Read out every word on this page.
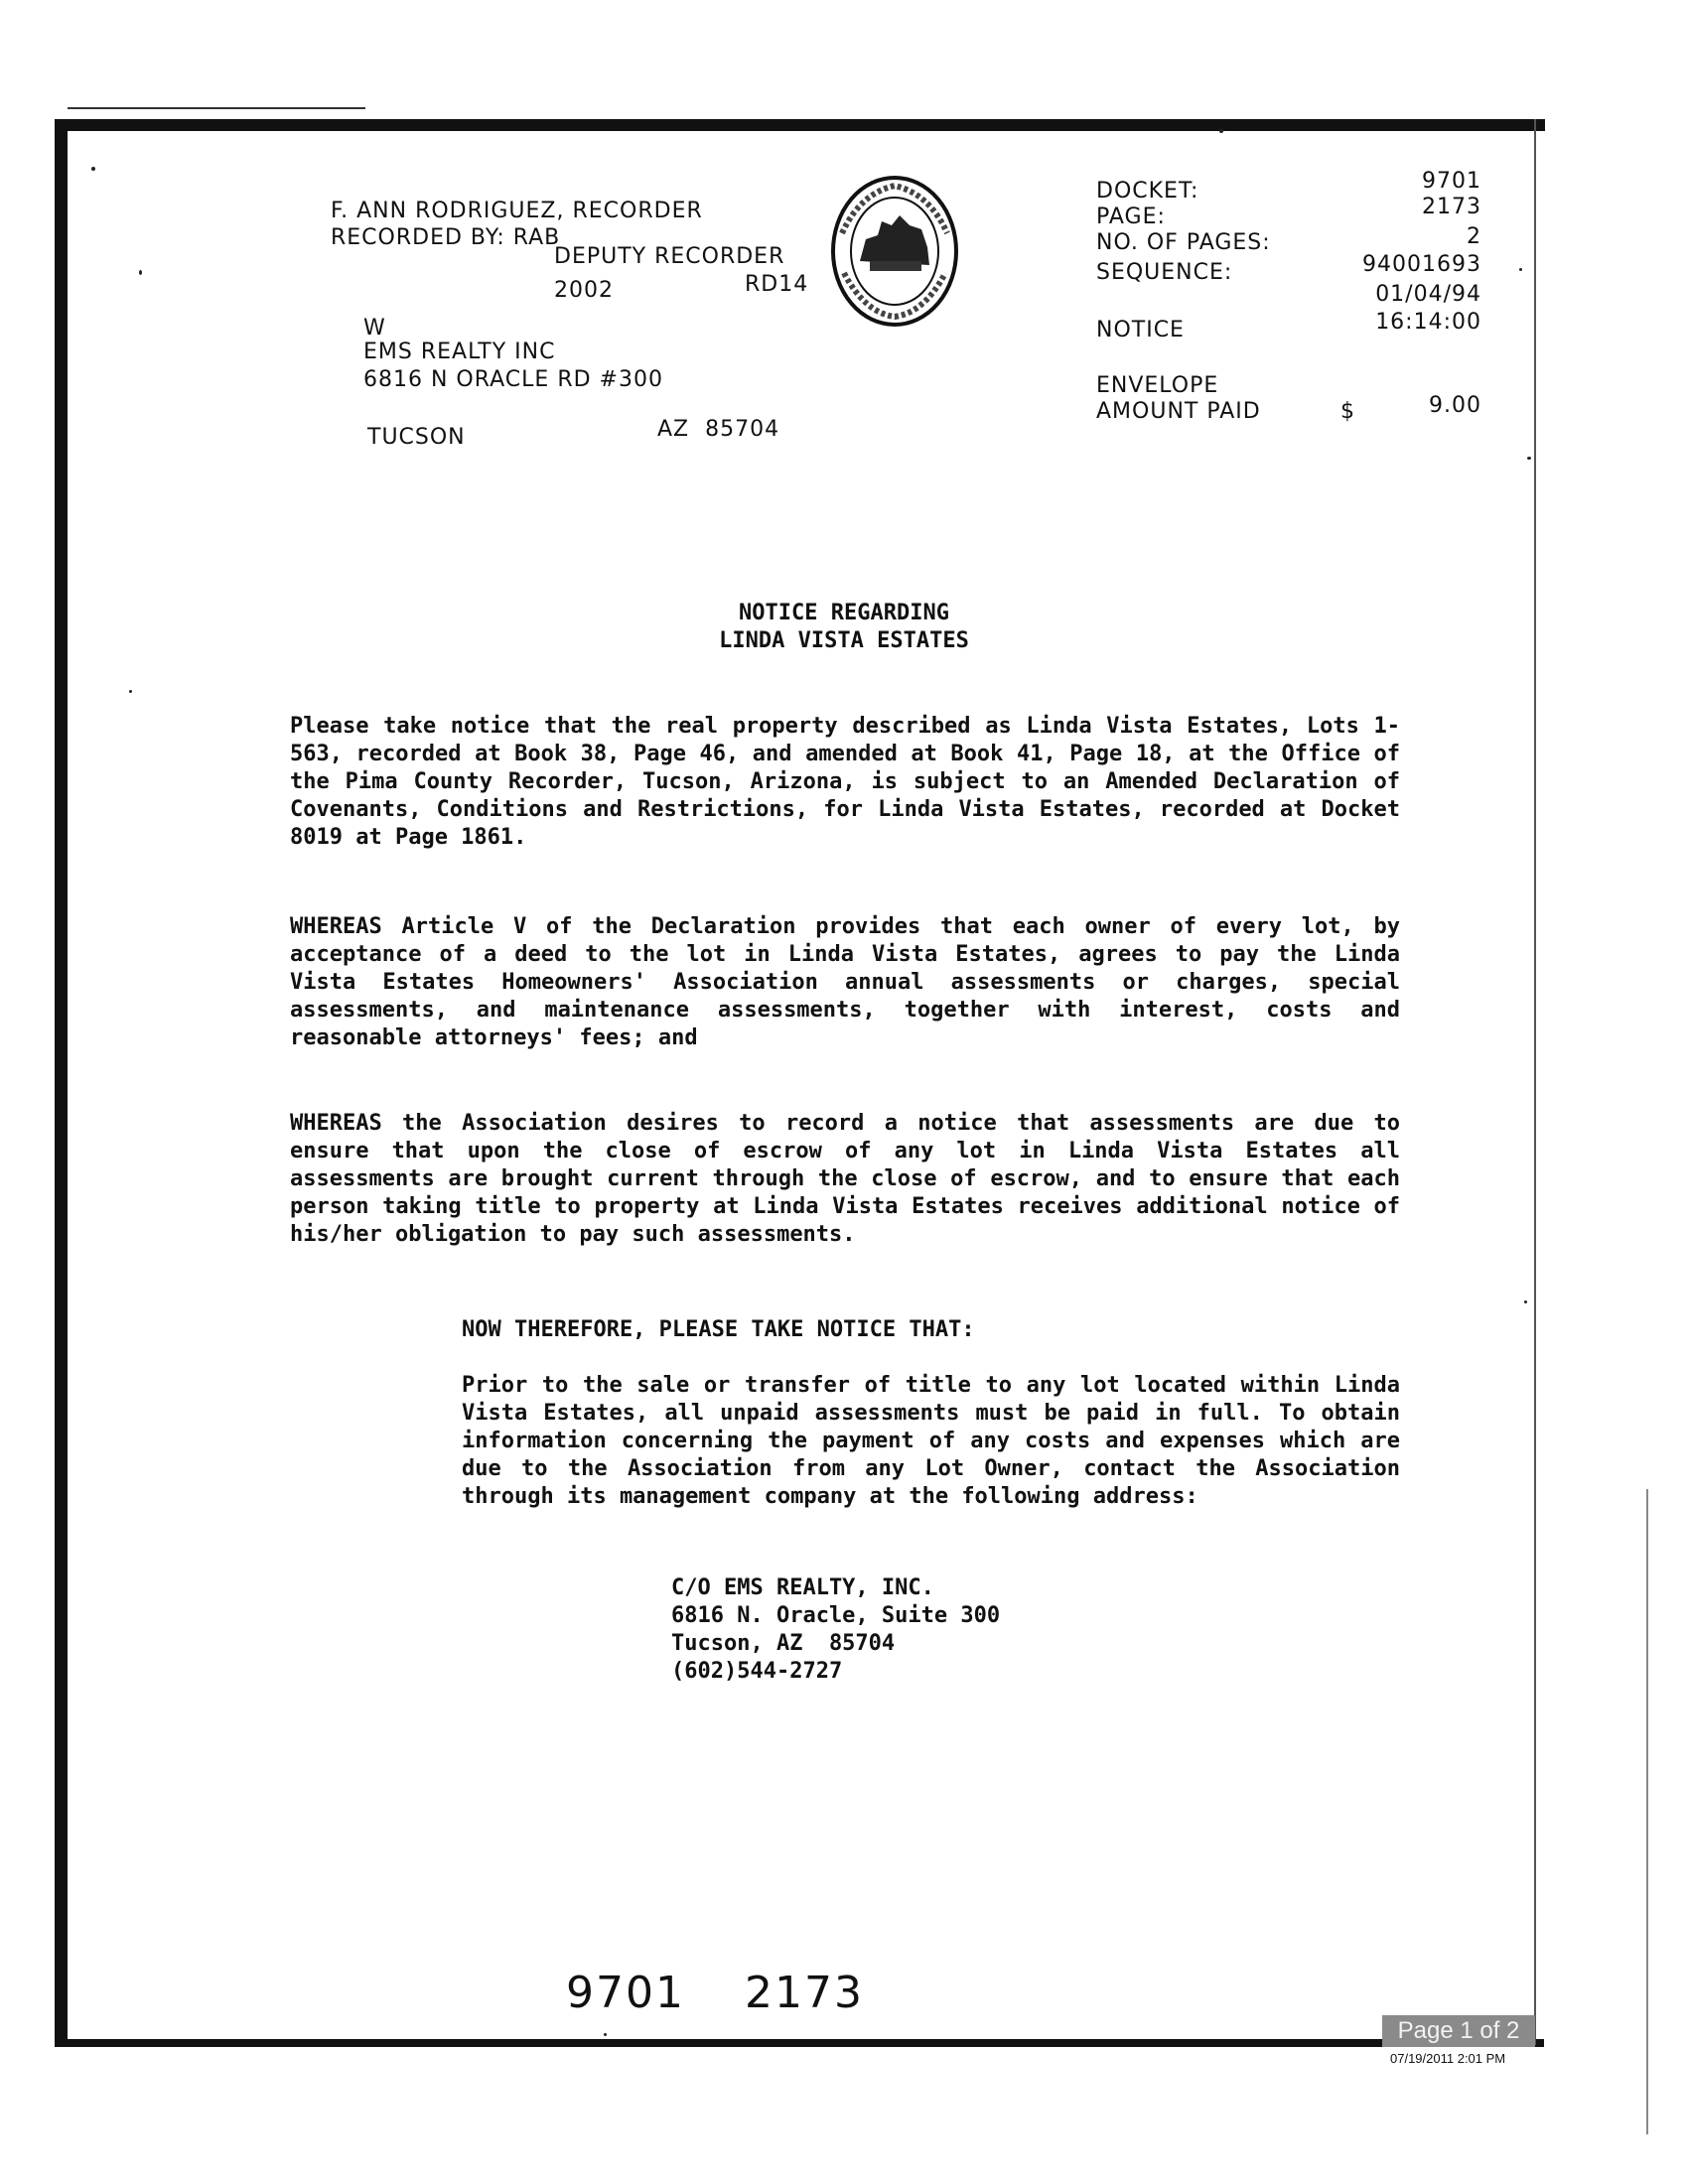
F. ANN RODRIGUEZ, RECORDER
RECORDED BY: RAB
DEPUTY RECORDER
2002	RD14
W
EMS REALTY INC
6816 N ORACLE RD #300
TUCSON	AZ  85704
DOCKET:	9701
PAGE:	2173
NO. OF PAGES:	2
SEQUENCE:	94001693
01/04/94
NOTICE	16:14:00
ENVELOPE
AMOUNT PAID	$	9.00
NOTICE REGARDING
LINDA VISTA ESTATES
Please take notice that the real property described as Linda Vista Estates, Lots 1-563, recorded at Book 38, Page 46, and amended at Book 41, Page 18, at the Office of the Pima County Recorder, Tucson, Arizona, is subject to an Amended Declaration of Covenants, Conditions and Restrictions, for Linda Vista Estates, recorded at Docket 8019 at Page 1861.
WHEREAS Article V of the Declaration provides that each owner of every lot, by acceptance of a deed to the lot in Linda Vista Estates, agrees to pay the Linda Vista Estates Homeowners' Association annual assessments or charges, special assessments, and maintenance assessments, together with interest, costs and reasonable attorneys' fees; and
WHEREAS the Association desires to record a notice that assessments are due to ensure that upon the close of escrow of any lot in Linda Vista Estates all assessments are brought current through the close of escrow, and to ensure that each person taking title to property at Linda Vista Estates receives additional notice of his/her obligation to pay such assessments.
NOW THEREFORE, PLEASE TAKE NOTICE THAT:
Prior to the sale or transfer of title to any lot located within Linda Vista Estates, all unpaid assessments must be paid in full. To obtain information concerning the payment of any costs and expenses which are due to the Association from any Lot Owner, contact the Association through its management company at the following address:
C/O EMS REALTY, INC.
6816 N. Oracle, Suite 300
Tucson, AZ  85704
(602)544-2727
9701 2173
Page 1 of 2
07/19/2011 2:01 PM
